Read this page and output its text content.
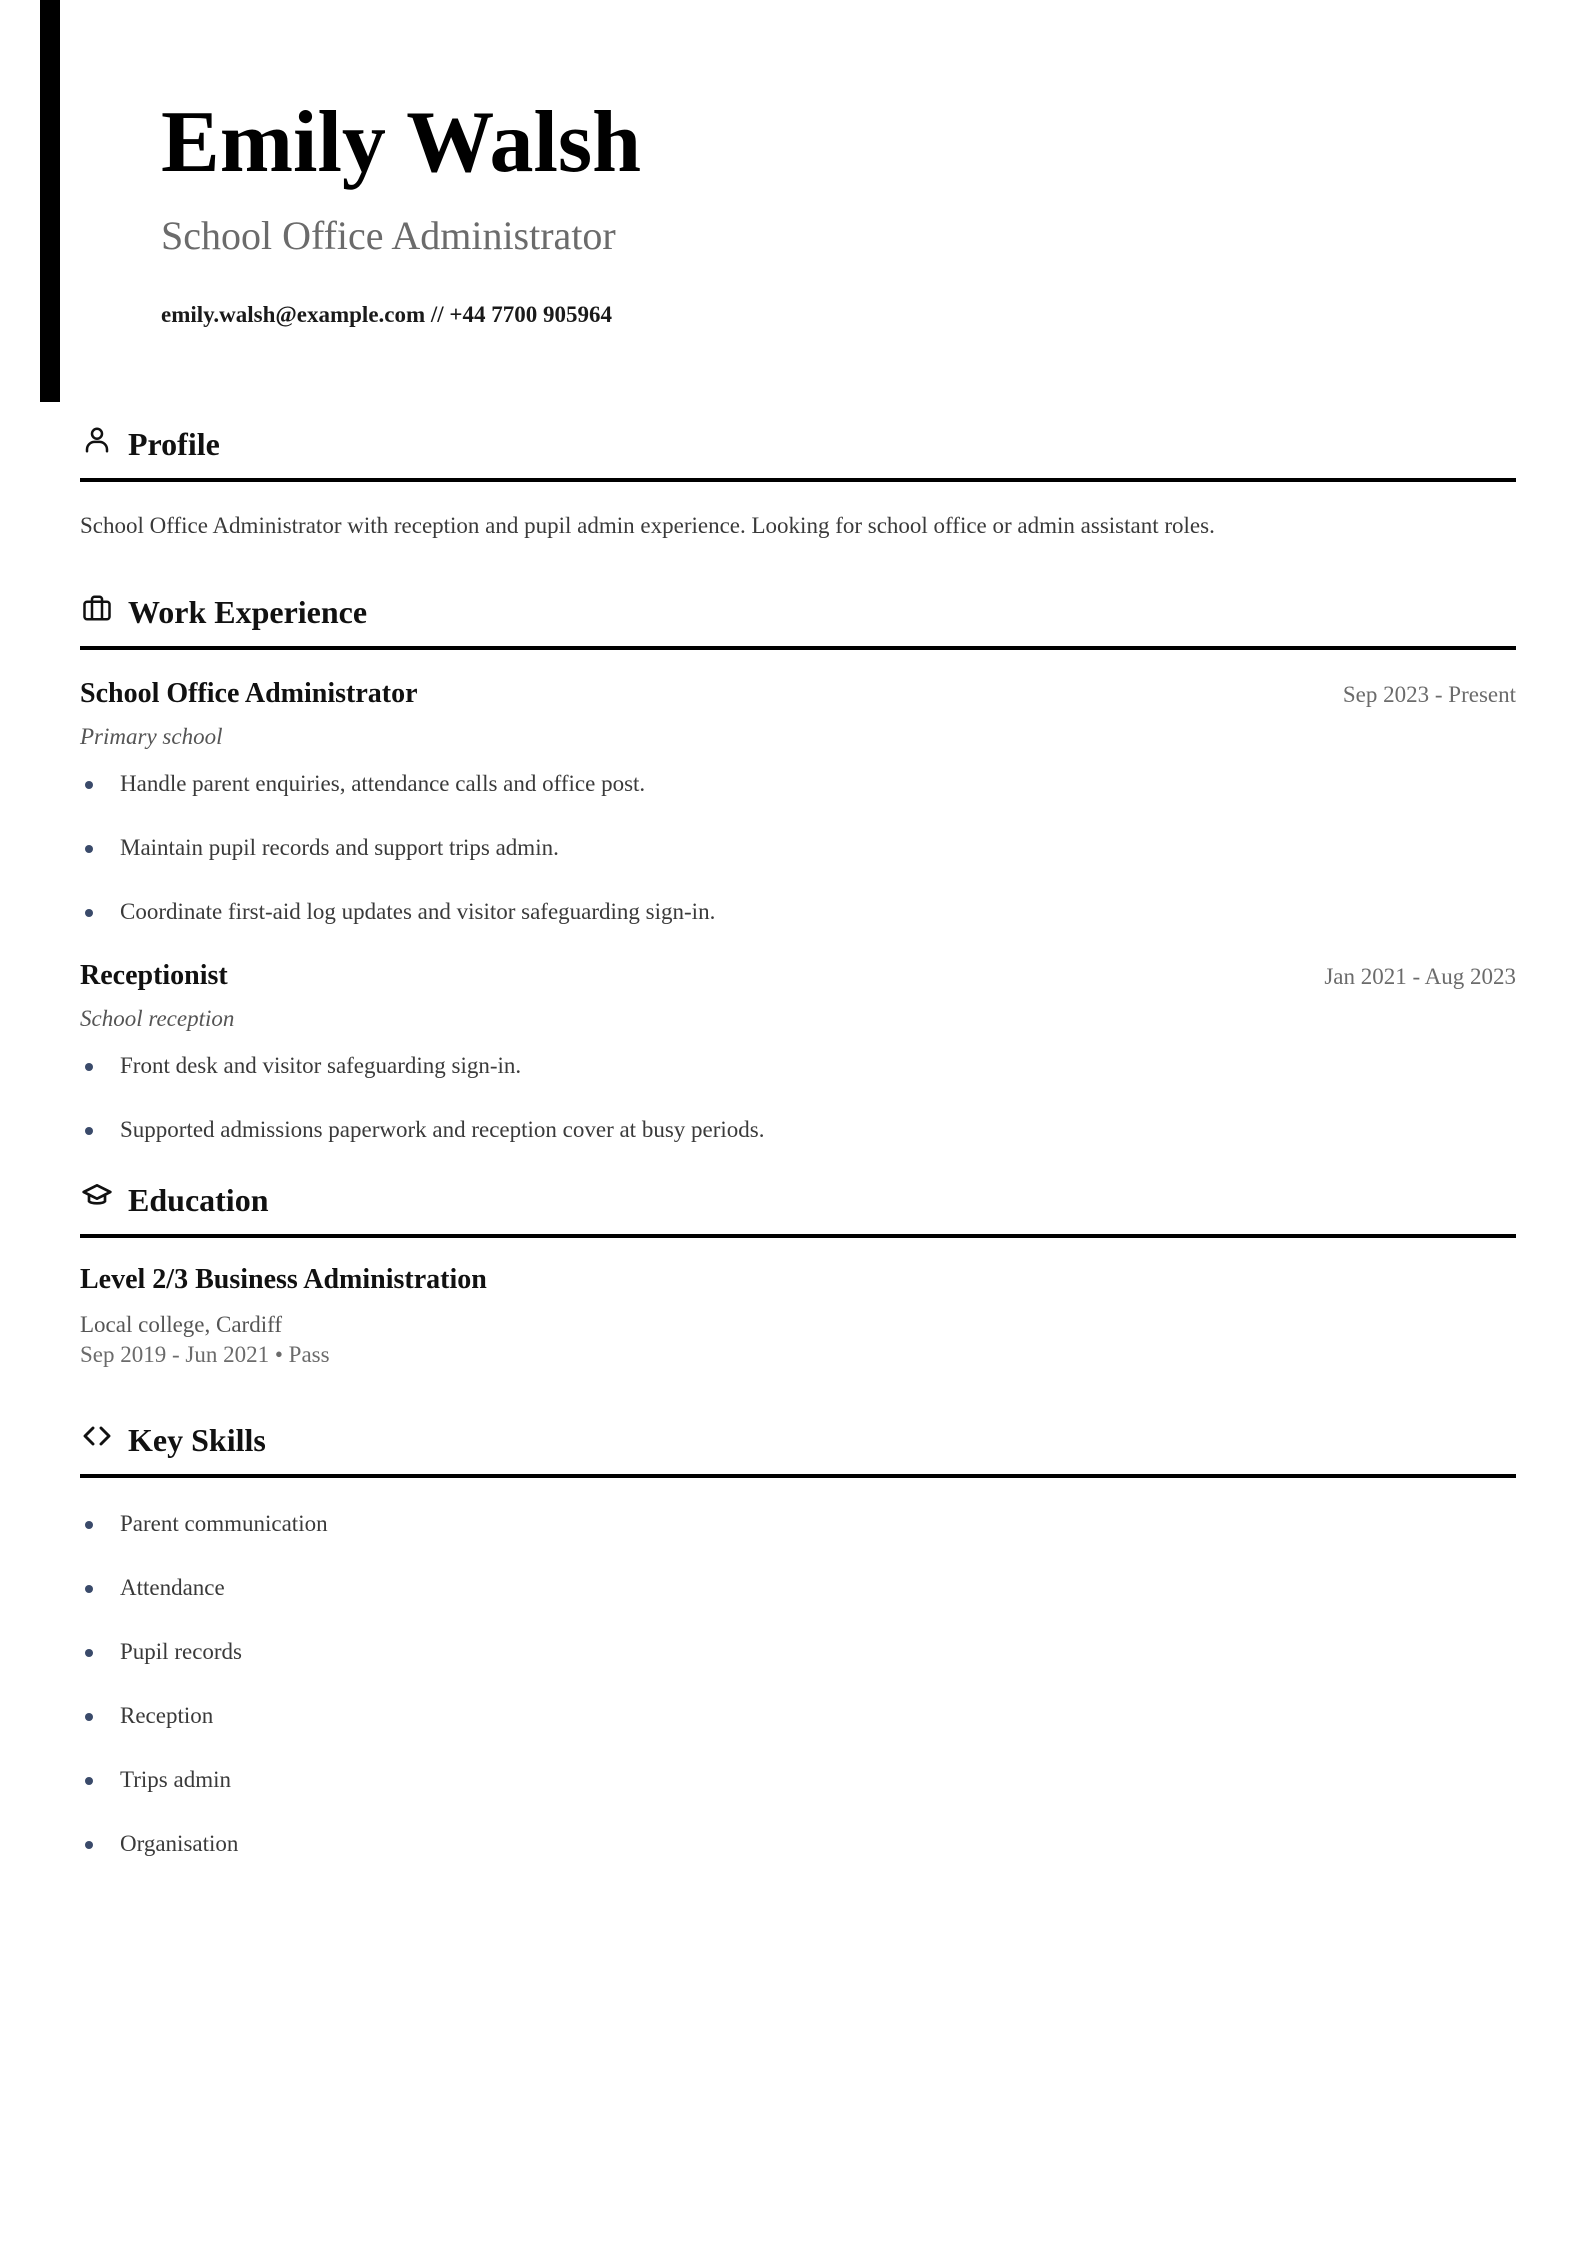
Emily Walsh
School Office Administrator
emily.walsh@example.com // +44 7700 905964
Profile
School Office Administrator with reception and pupil admin experience. Looking for school office or admin assistant roles.
Work Experience
School Office Administrator	Sep 2023 - Present
Primary school
Handle parent enquiries, attendance calls and office post.
Maintain pupil records and support trips admin.
Coordinate first-aid log updates and visitor safeguarding sign-in.
Receptionist	Jan 2021 - Aug 2023
School reception
Front desk and visitor safeguarding sign-in.
Supported admissions paperwork and reception cover at busy periods.
Education
Level 2/3 Business Administration
Local college, Cardiff
Sep 2019 - Jun 2021 • Pass
Key Skills
Parent communication
Attendance
Pupil records
Reception
Trips admin
Organisation
